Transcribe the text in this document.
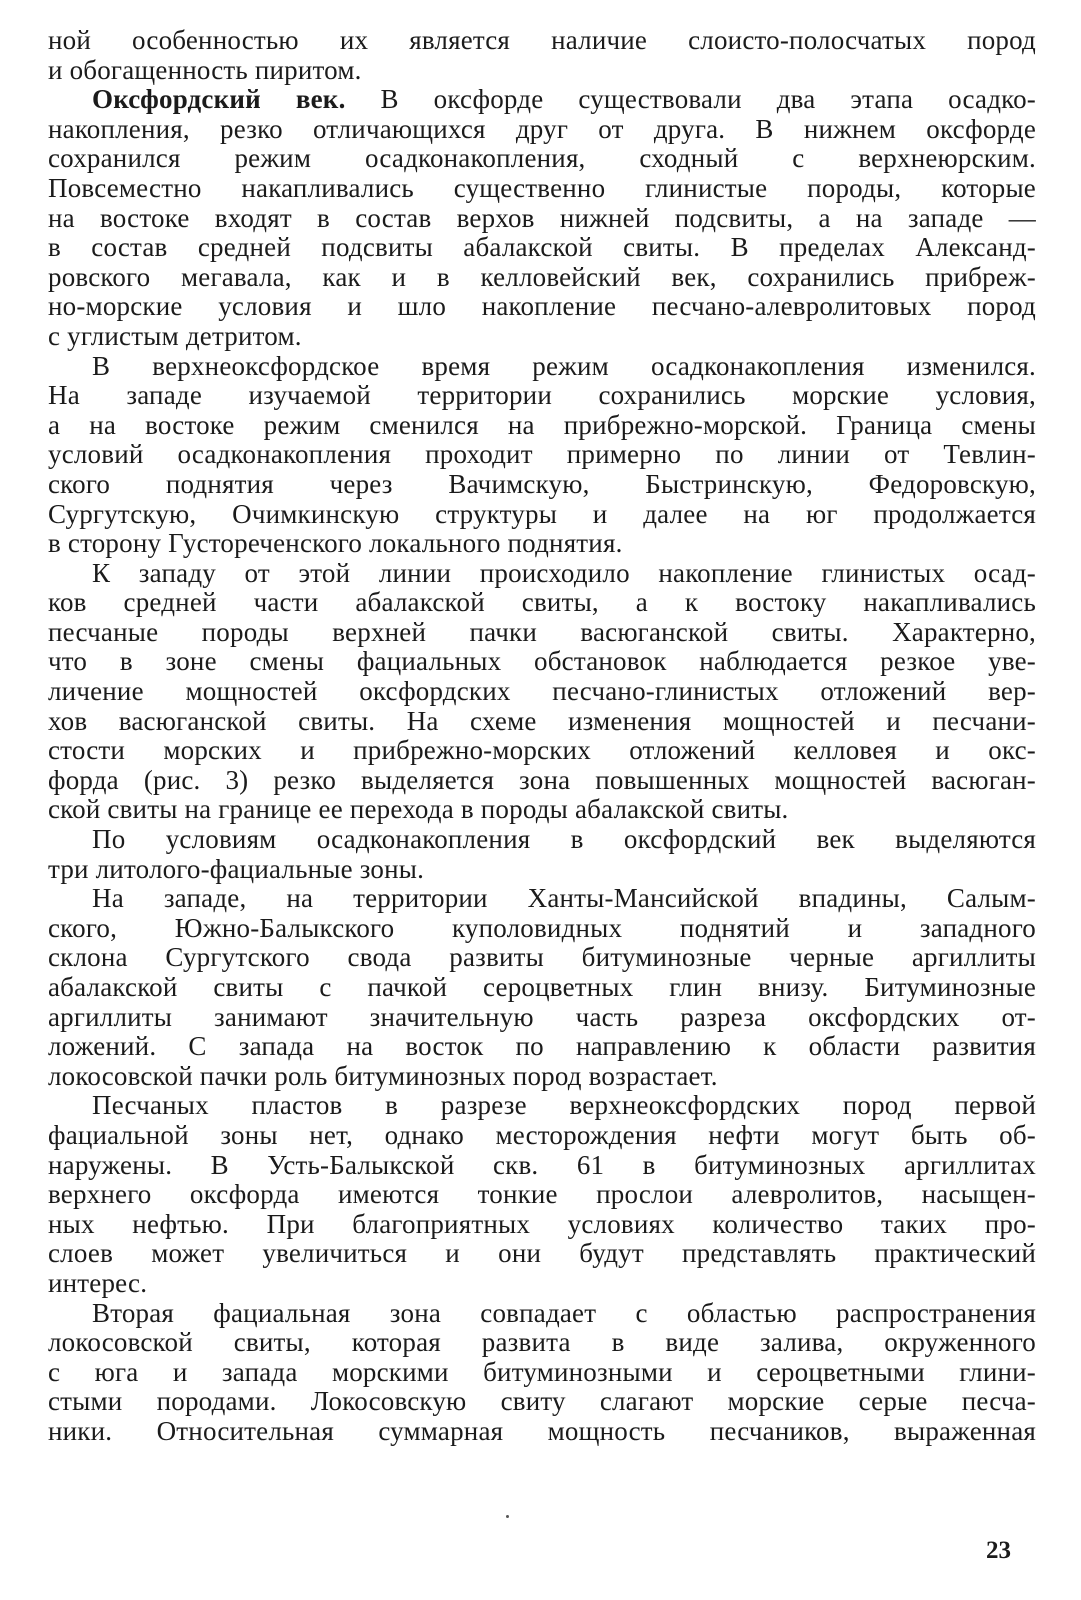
ной особенностью их является наличие слоисто-полосчатых пород
и обогащенность пиритом.
Оксфордский век. В оксфорде существовали два этапа осадко-
накопления, резко отличающихся друг от друга. В нижнем оксфорде
сохранился режим осадконакопления, сходный с верхнеюрским.
Повсеместно накапливались существенно глинистые породы, которые
на востоке входят в состав верхов нижней подсвиты, а на западе —
в состав средней подсвиты абалакской свиты. В пределах Александ-
ровского мегавала, как и в келловейский век, сохранились прибреж-
но-морские условия и шло накопление песчано-алевролитовых пород
с углистым детритом.
В верхнеоксфордское время режим осадконакопления изменился.
На западе изучаемой территории сохранились морские условия,
а на востоке режим сменился на прибрежно-морской. Граница смены
условий осадконакопления проходит примерно по линии от Тевлин-
ского поднятия через Вачимскую, Быстринскую, Федоровскую,
Сургутскую, Очимкинскую структуры и далее на юг продолжается
в сторону Густореченского локального поднятия.
К западу от этой линии происходило накопление глинистых осад-
ков средней части абалакской свиты, а к востоку накапливались
песчаные породы верхней пачки васюганской свиты. Характерно,
что в зоне смены фациальных обстановок наблюдается резкое уве-
личение мощностей оксфордских песчано-глинистых отложений вер-
хов васюганской свиты. На схеме изменения мощностей и песчани-
стости морских и прибрежно-морских отложений келловея и окс-
форда (рис. 3) резко выделяется зона повышенных мощностей васюган-
ской свиты на границе ее перехода в породы абалакской свиты.
По условиям осадконакопления в оксфордский век выделяются
три литолого-фациальные зоны.
На западе, на территории Ханты-Мансийской впадины, Салым-
ского, Южно-Балыкского куполовидных поднятий и западного
склона Сургутского свода развиты битуминозные черные аргиллиты
абалакской свиты с пачкой сероцветных глин внизу. Битуминозные
аргиллиты занимают значительную часть разреза оксфордских от-
ложений. С запада на восток по направлению к области развития
локосовской пачки роль битуминозных пород возрастает.
Песчаных пластов в разрезе верхнеоксфордских пород первой
фациальной зоны нет, однако месторождения нефти могут быть об-
наружены. В Усть-Балыкской скв. 61 в битуминозных аргиллитах
верхнего оксфорда имеются тонкие прослои алевролитов, насыщен-
ных нефтью. При благоприятных условиях количество таких про-
слоев может увеличиться и они будут представлять практический
интерес.
Вторая фациальная зона совпадает с областью распространения
локосовской свиты, которая развита в виде залива, окруженного
с юга и запада морскими битуминозными и сероцветными глини-
стыми породами. Локосовскую свиту слагают морские серые песча-
ники. Относительная суммарная мощность песчаников, выраженная
23
